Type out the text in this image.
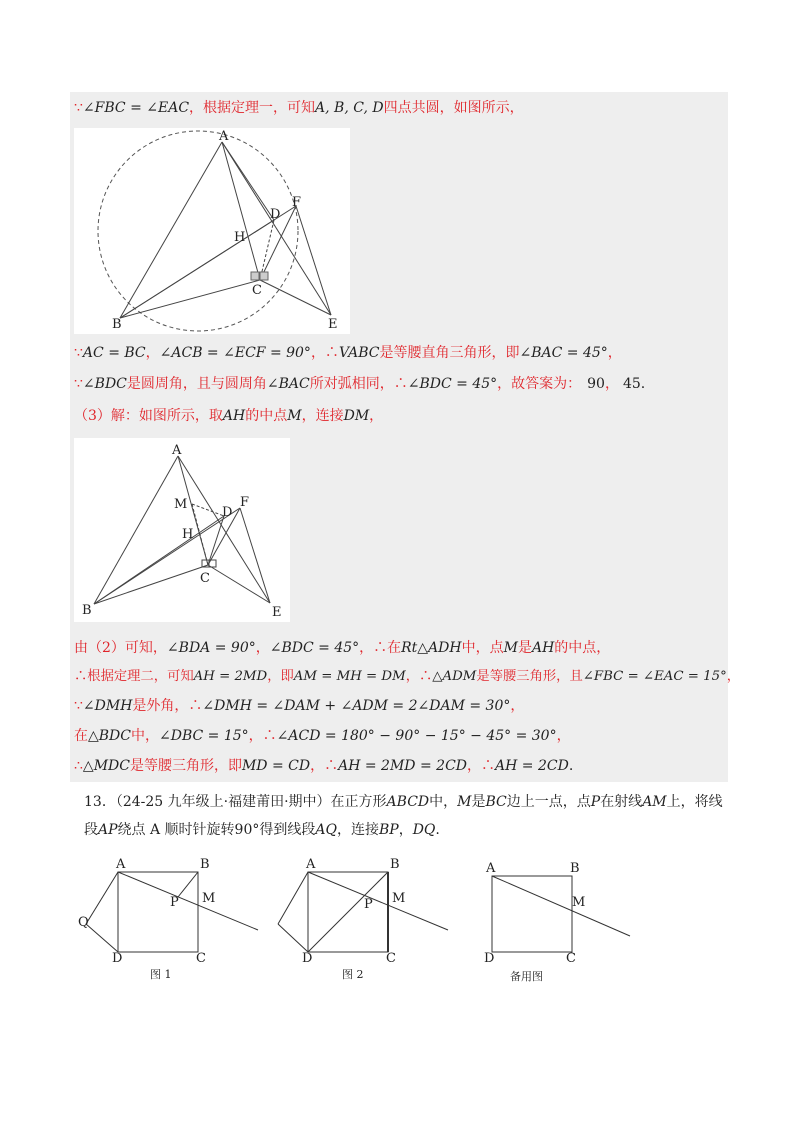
∵∠FBC = ∠EAC，根据定理一，可知A, B, C, D四点共圆，如图所示，
A
B
C
D
E
F
H
∵AC = BC，∠ACB = ∠ECF = 90°，∴VABC是等腰直角三角形，即∠BAC = 45°，
∵∠BDC是圆周角，且与圆周角∠BAC所对弧相同，∴∠BDC = 45°，故答案为： 90， 45.
（3）解：如图所示，取AH的中点M，连接DM，
A
B
C
D
E
F
H
M
由（2）可知，∠BDA = 90°，∠BDC = 45°，∴在Rt△ADH中，点M是AH的中点，
∴根据定理二，可知AH = 2MD，即AM = MH = DM，∴△ADM是等腰三角形，且∠FBC = ∠EAC = 15°，
∵∠DMH是外角，∴∠DMH = ∠DAM + ∠ADM = 2∠DAM = 30°，
在△BDC中，∠DBC = 15°，∴∠ACD = 180° − 90° − 15° − 45° = 30°，
∴△MDC是等腰三角形，即MD = CD，∴AH = 2MD = 2CD，∴AH = 2CD.
13．（24-25 九年级上·福建莆田·期中）在正方形ABCD中，M是BC边上一点，点P在射线AM上，将线
段AP绕点 A 顺时针旋转90°得到线段AQ，连接BP，DQ.
A	B
C
D
M
P
Q
图 1
A	B
C
D
M
P
图 2
A	B
C
D
M
备用图
